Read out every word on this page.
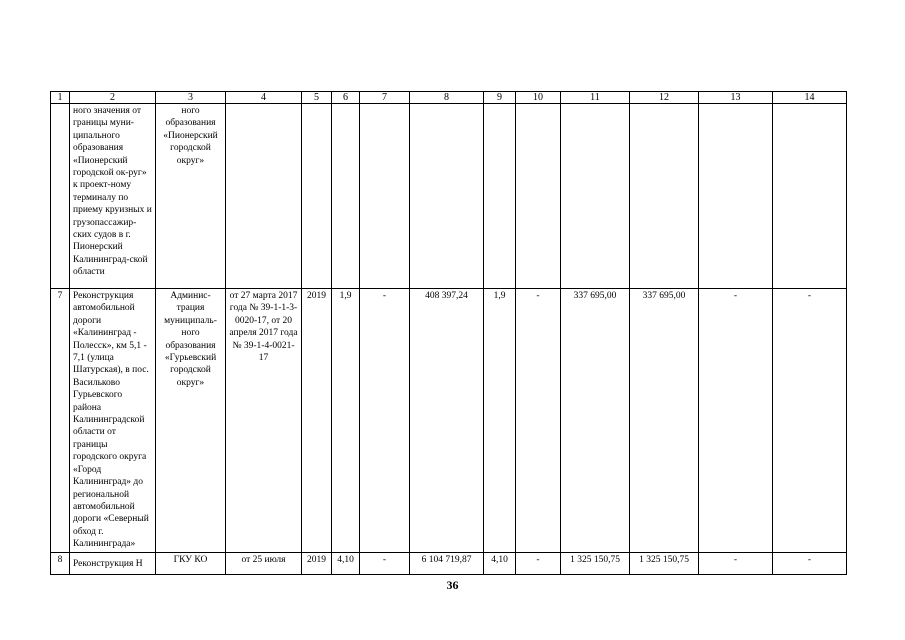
1	2	3	4	5	6	7	8	9	10	11	12	13	14
	ного значения от границы муни-ципального образования «Пионерский городской ок-руг» к проект-ному терминалу по приему круизных и грузопассажир-ских судов в г. Пионерский Калининград-ской области	ного образования «Пионерский городской округ»											
7	Реконструкция автомобильной дороги «Калининград - Полесск», км 5,1 - 7,1 (улица Шатурская), в пос. Васильково Гурьевского района Калининградской области от границы городского округа «Город Калининград» до региональной автомобильной дороги «Северный обход г. Калининграда»	Админис-трация муниципаль-ного образования «Гурьевский городской округ»	от 27 марта 2017 года № 39-1-1-3-0020-17, от 20 апреля 2017 года № 39-1-4-0021-17	2019	1,9	-	408 397,24	1,9	-	337 695,00	337 695,00	-	-
8	Реконструкция Н	ГКУ КО	от 25 июля	2019	4,10	-	6 104 719,87	4,10	-	1 325 150,75	1 325 150,75	-	-
36
